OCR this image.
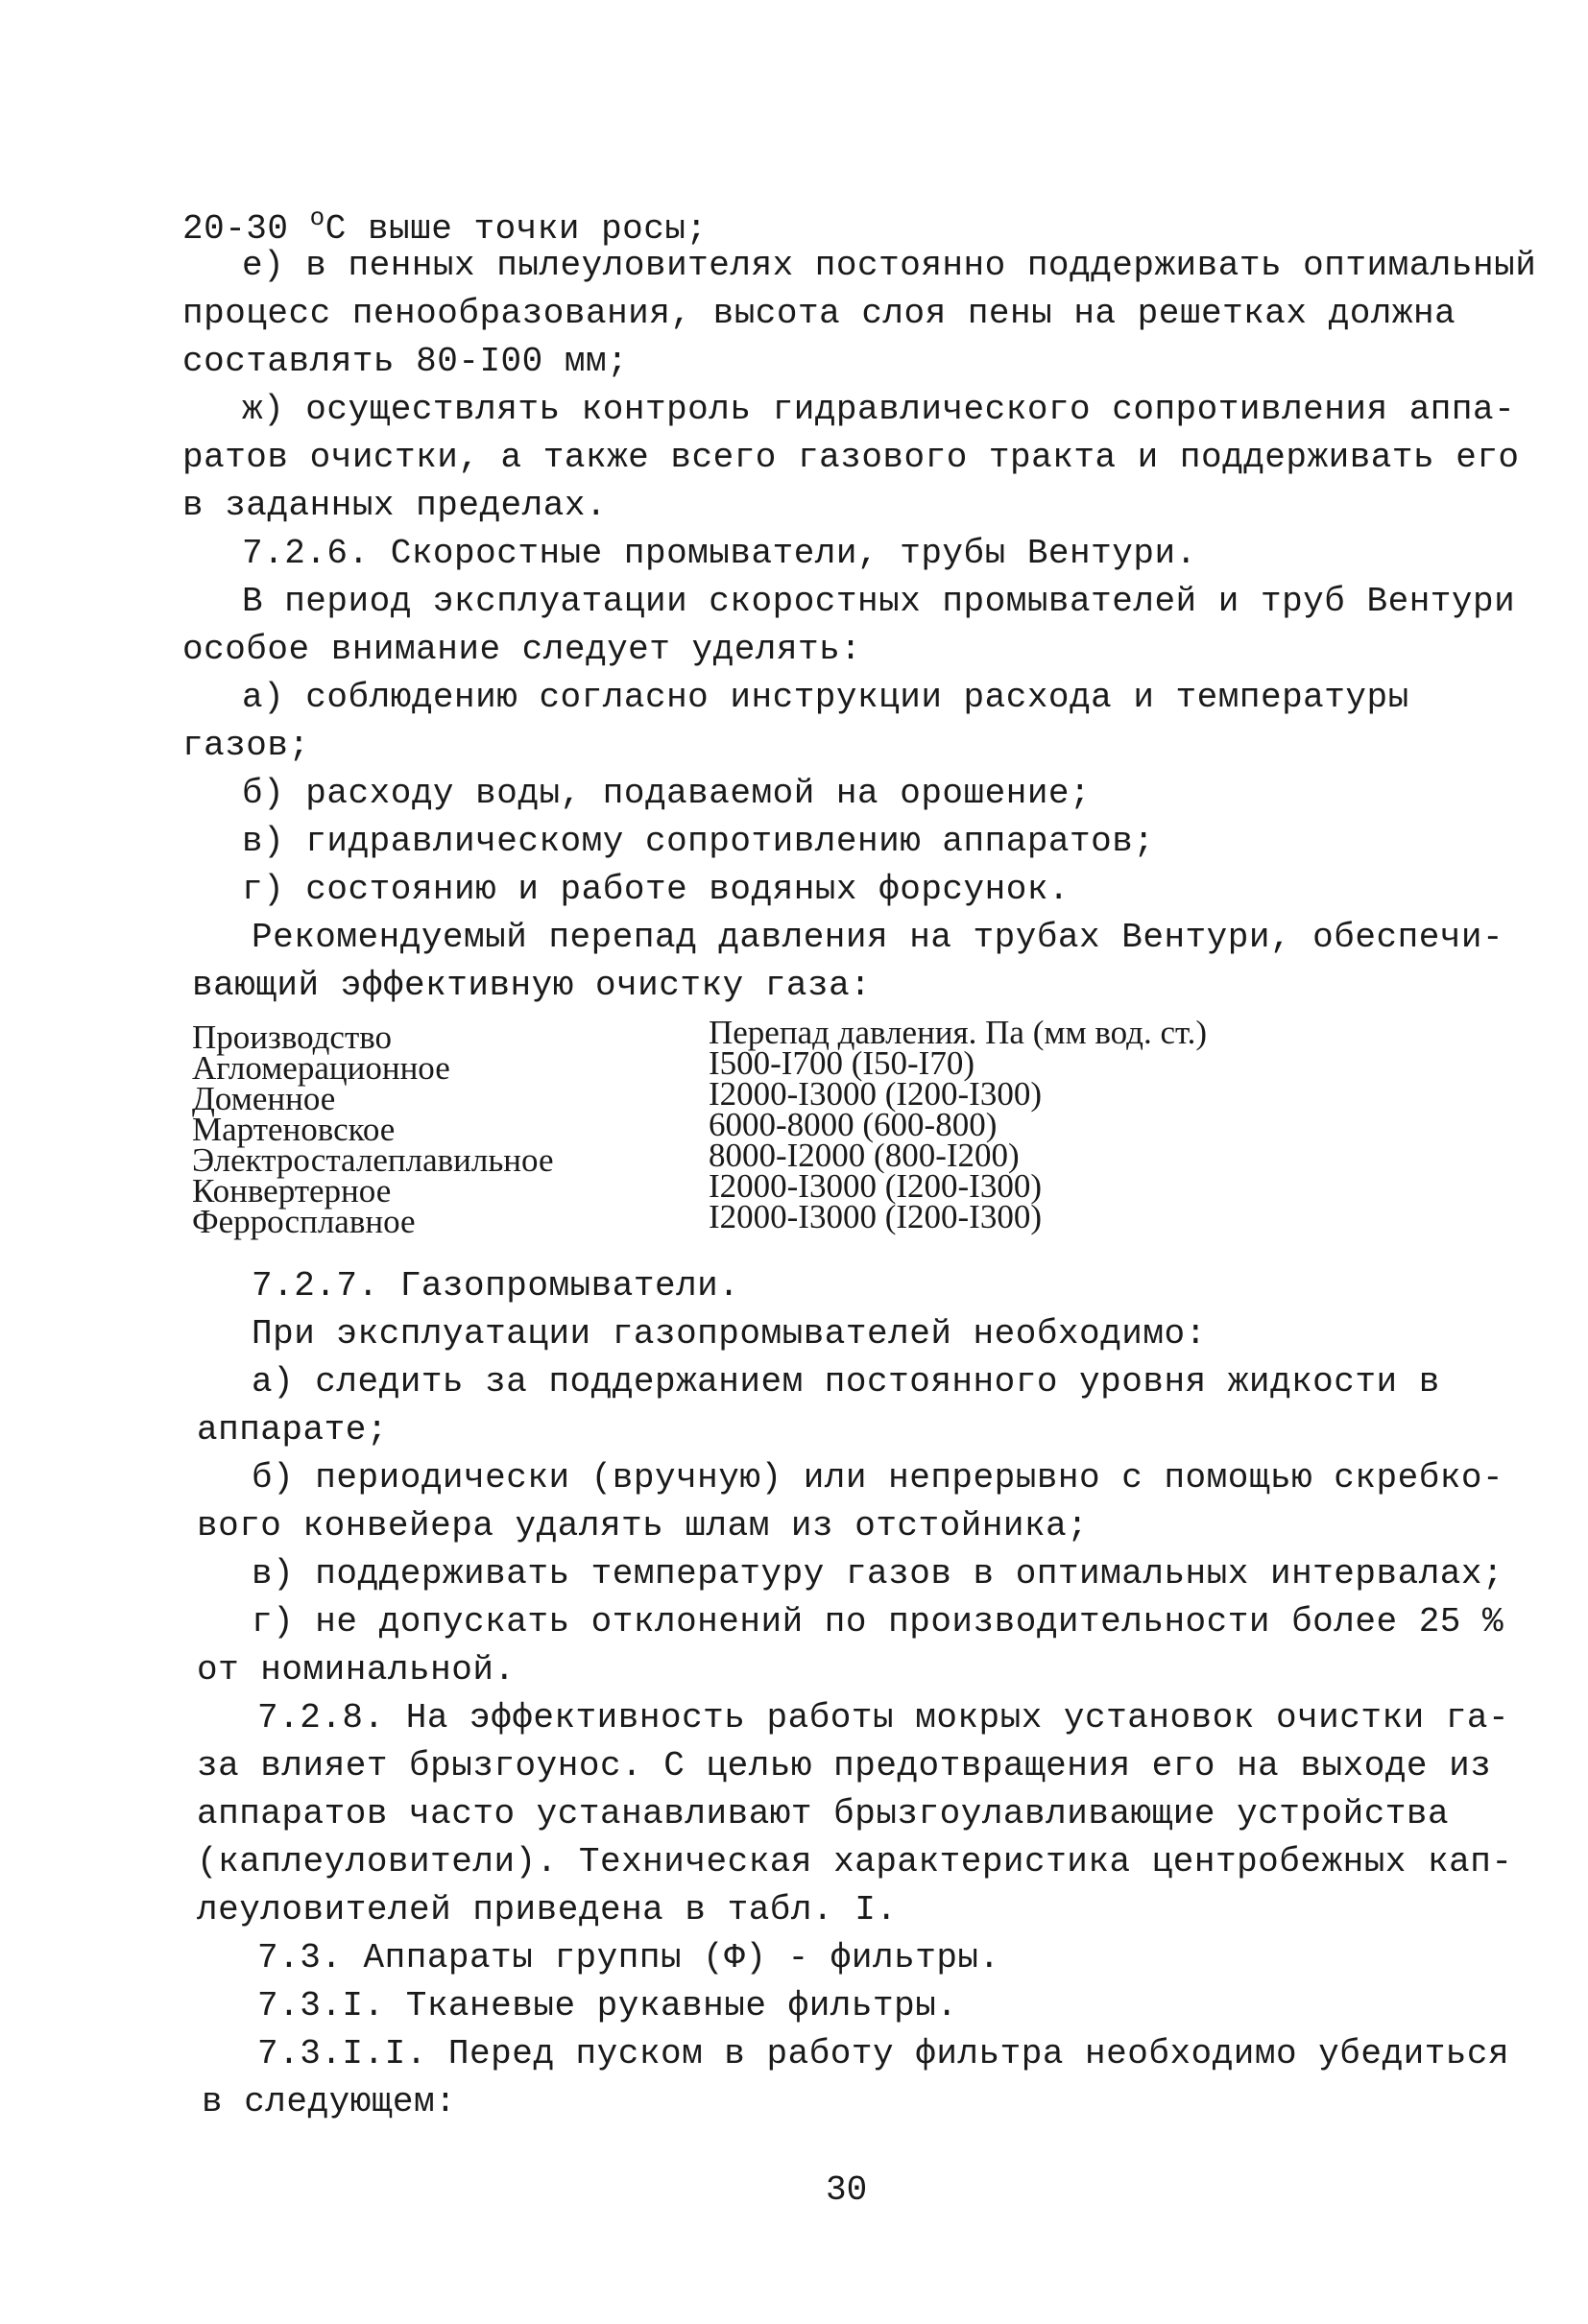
20-30 $^о$С выше точки росы;
е) в пенных пылеуловителях постоянно поддерживать оптимальный
процесс пенообразования, высота слоя пены на решетках должна
составлять 80-I00 мм;
ж) осуществлять контроль гидравлического сопротивления аппа-
ратов очистки, а также всего газового тракта и поддерживать его
в заданных пределах.
7.2.6. Скоростные промыватели, трубы Вентури.
В период эксплуатации скоростных промывателей и труб Вентури
особое внимание следует уделять:
а) соблюдению согласно инструкции расхода и температуры
газов;
б) расходу воды, подаваемой на орошение;
в) гидравлическому сопротивлению аппаратов;
г) состоянию и работе водяных форсунок.
Рекомендуемый перепад давления на трубах Вентури, обеспечи-
вающий эффективную очистку газа:
Производство	Перепад давления. Па (мм вод. ст.)
Агломерационное	I500-I700 (I50-I70)
Доменное	I2000-I3000 (I200-I300)
Мартеновское	6000-8000 (600-800)
Электросталеплавильное	8000-I2000 (800-I200)
Конвертерное	I2000-I3000 (I200-I300)
Ферросплавное	I2000-I3000 (I200-I300)
7.2.7. Газопромыватели.
При эксплуатации газопромывателей необходимо:
а) следить за поддержанием постоянного уровня жидкости в
аппарате;
б) периодически (вручную) или непрерывно с помощью скребко-
вого конвейера удалять шлам из отстойника;
в) поддерживать температуру газов в оптимальных интервалах;
г) не допускать отклонений по производительности более 25 %
от номинальной.
7.2.8. На эффективность работы мокрых установок очистки га-
за влияет брызгоунос. С целью предотвращения его на выходе из
аппаратов часто устанавливают брызгоулавливающие устройства
(каплеуловители). Техническая характеристика центробежных кап-
леуловителей приведена в табл. I.
7.3. Аппараты группы (Ф) - фильтры.
7.3.I. Тканевые рукавные фильтры.
7.3.I.I. Перед пуском в работу фильтра необходимо убедиться
в следующем:
30
